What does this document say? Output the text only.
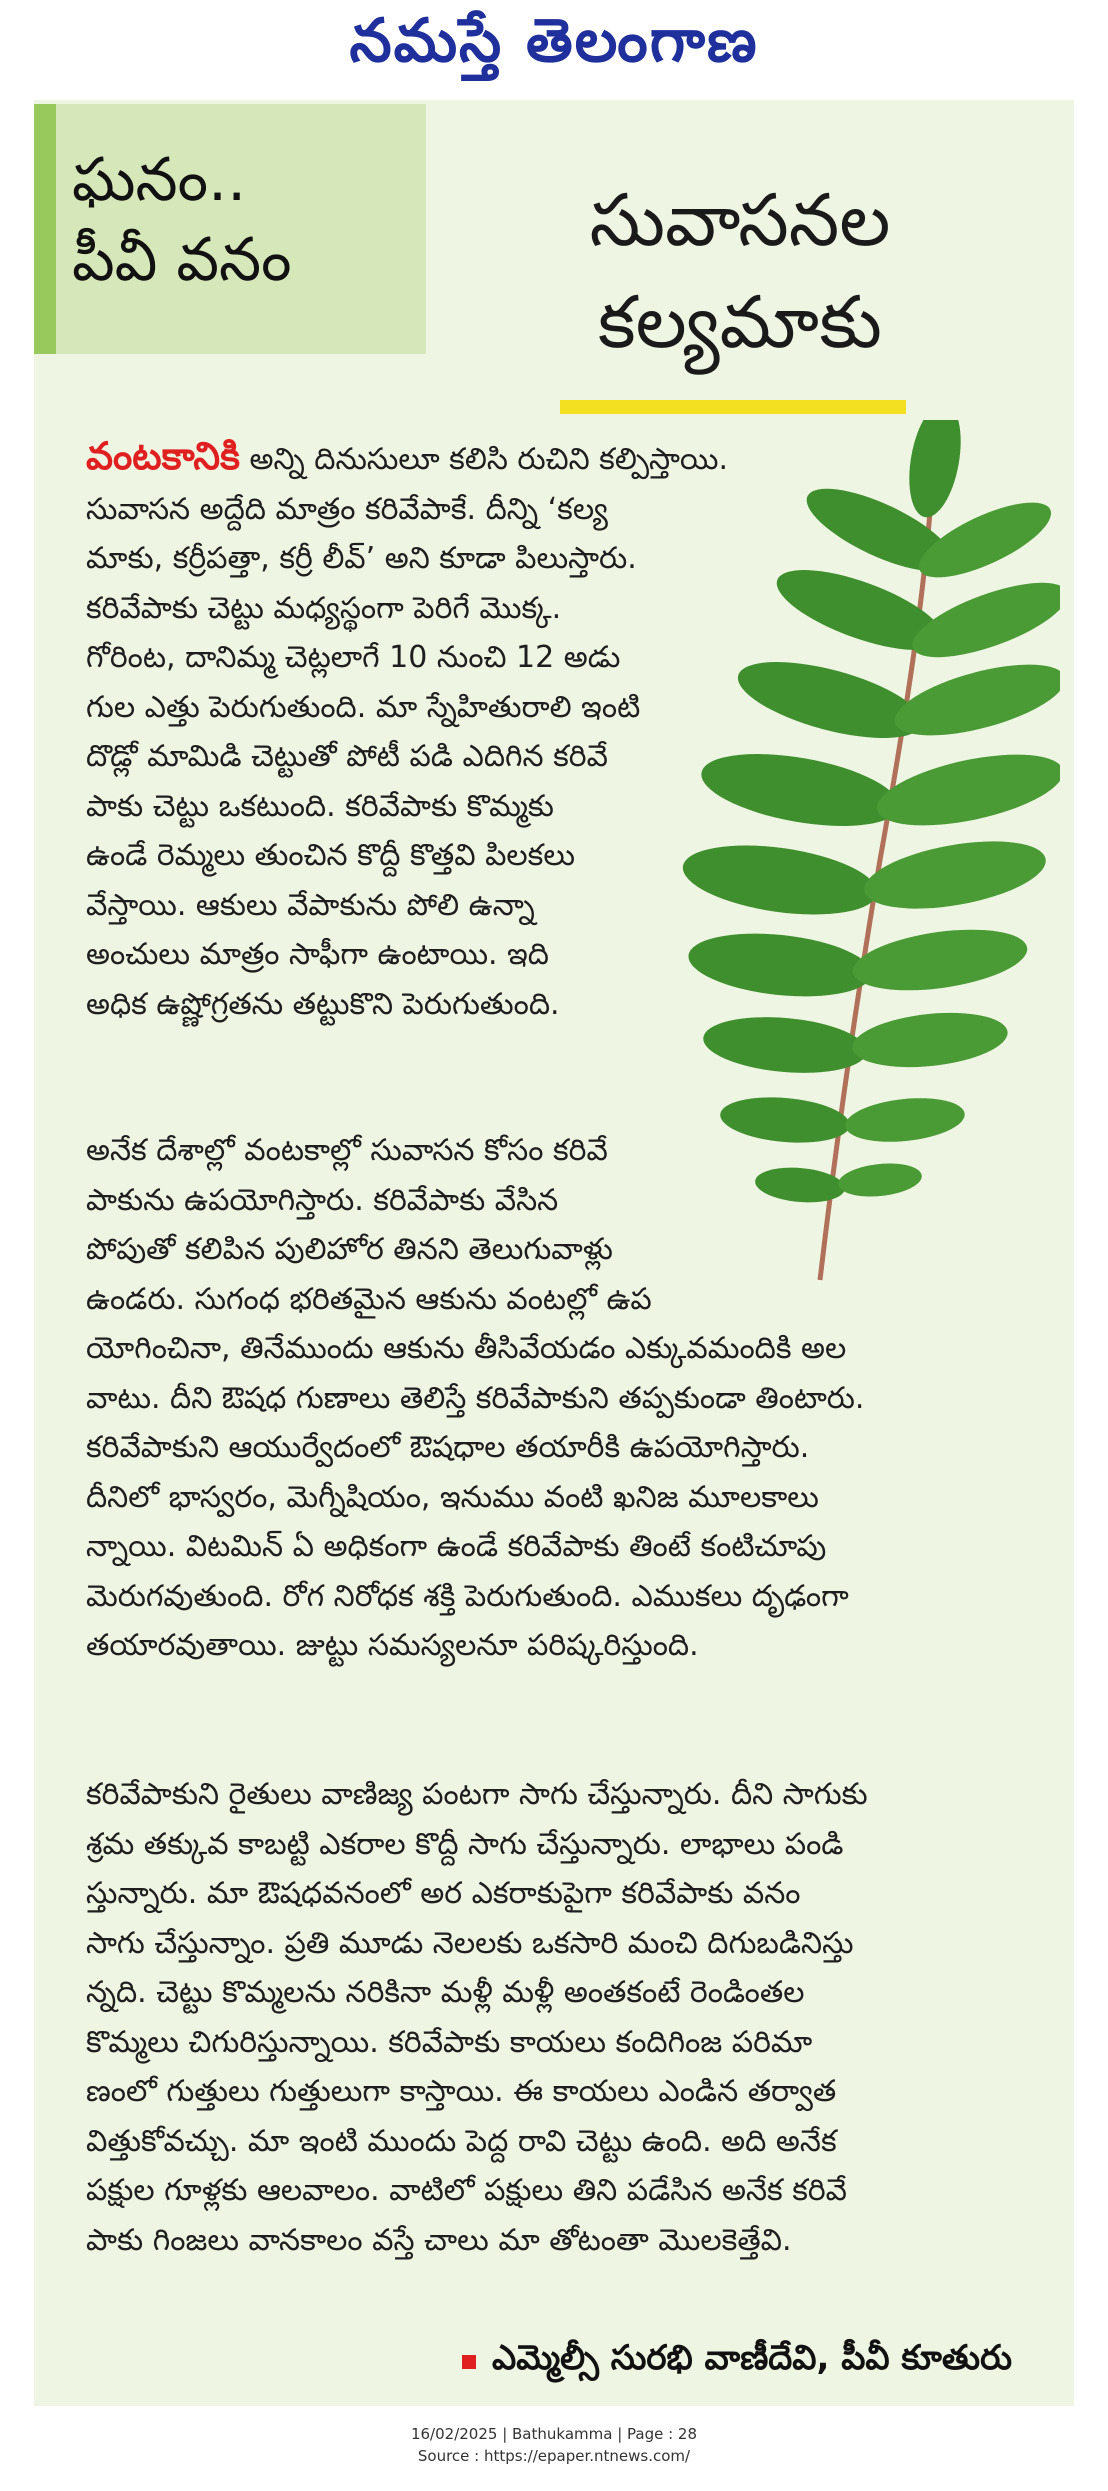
నమస్తే తెలంగాణ
ఘనం..
పీవీ వనం	సువాసనల
కల్యమాకు
వంటకానికి అన్ని దినుసులూ కలిసి రుచిని కల్పిస్తాయి.
సువాసన అద్దేది మాత్రం కరివేపాకే. దీన్ని ‘కల్య
మాకు, కర్రీపత్తా, కర్రీ లీవ్’ అని కూడా పిలుస్తారు.
కరివేపాకు చెట్టు మధ్యస్థంగా పెరిగే మొక్క.
గోరింట, దానిమ్మ చెట్లలాగే 10 నుంచి 12 అడు
గుల ఎత్తు పెరుగుతుంది. మా స్నేహితురాలి ఇంటి
దొడ్లో మామిడి చెట్టుతో పోటీ పడి ఎదిగిన కరివే
పాకు చెట్టు ఒకటుంది. కరివేపాకు కొమ్మకు
ఉండే రెమ్మలు తుంచిన కొద్దీ కొత్తవి పిలకలు
వేస్తాయి. ఆకులు వేపాకును పోలి ఉన్నా
అంచులు మాత్రం సాఫీగా ఉంటాయి. ఇది
అధిక ఉష్ణోగ్రతను తట్టుకొని పెరుగుతుంది.
అనేక దేశాల్లో వంటకాల్లో సువాసన కోసం కరివే
పాకును ఉపయోగిస్తారు. కరివేపాకు వేసిన
పోపుతో కలిపిన పులిహోర తినని తెలుగువాళ్లు
ఉండరు. సుగంధ భరితమైన ఆకును వంటల్లో ఉప
యోగించినా, తినేముందు ఆకును తీసివేయడం ఎక్కువమందికి అల
వాటు. దీని ఔషధ గుణాలు తెలిస్తే కరివేపాకుని తప్పకుండా తింటారు.
కరివేపాకుని ఆయుర్వేదంలో ఔషధాల తయారీకి ఉపయోగిస్తారు.
దీనిలో భాస్వరం, మెగ్నీషియం, ఇనుము వంటి ఖనిజ మూలకాలు
న్నాయి. విటమిన్ ఏ అధికంగా ఉండే కరివేపాకు తింటే కంటిచూపు
మెరుగవుతుంది. రోగ నిరోధక శక్తి పెరుగుతుంది. ఎముకలు దృఢంగా
తయారవుతాయి. జుట్టు సమస్యలనూ పరిష్కరిస్తుంది.
కరివేపాకుని రైతులు వాణిజ్య పంటగా సాగు చేస్తున్నారు. దీని సాగుకు
శ్రమ తక్కువ కాబట్టి ఎకరాల కొద్దీ సాగు చేస్తున్నారు. లాభాలు పండి
స్తున్నారు. మా ఔషధవనంలో అర ఎకరాకుపైగా కరివేపాకు వనం
సాగు చేస్తున్నాం. ప్రతి మూడు నెలలకు ఒకసారి మంచి దిగుబడినిస్తు
న్నది. చెట్టు కొమ్మలను నరికినా మళ్లీ మళ్లీ అంతకంటే రెండింతల
కొమ్మలు చిగురిస్తున్నాయి. కరివేపాకు కాయలు కందిగింజ పరిమా
ణంలో గుత్తులు గుత్తులుగా కాస్తాయి. ఈ కాయలు ఎండిన తర్వాత
విత్తుకోవచ్చు. మా ఇంటి ముందు పెద్ద రావి చెట్టు ఉంది. అది అనేక
పక్షుల గూళ్లకు ఆలవాలం. వాటిలో పక్షులు తిని పడేసిన అనేక కరివే
పాకు గింజలు వానకాలం వస్తే చాలు మా తోటంతా మొలకెత్తేవి.
ఎమ్మెల్సీ సురభి వాణీదేవి, పీవీ కూతురు
16/02/2025 | Bathukamma | Page : 28
Source : https://epaper.ntnews.com/
